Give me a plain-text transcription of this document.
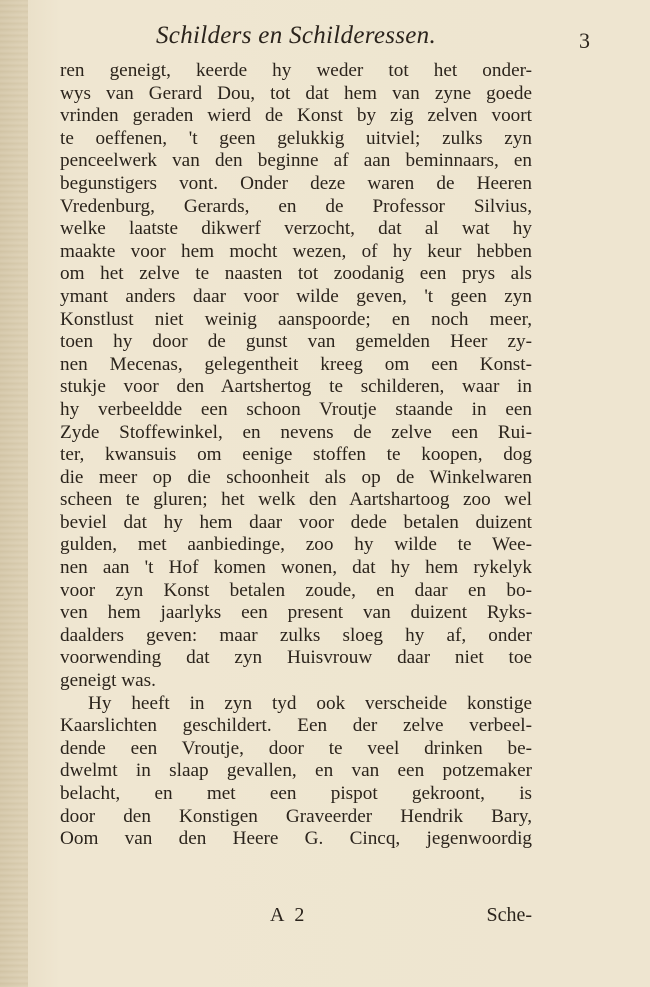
Schilders en Schilderessen.	3
ren geneigt, keerde hy weder tot het onder-
wys van Gerard Dou, tot dat hem van zyne goede
vrinden geraden wierd de Konst by zig zelven voort
te oeffenen, 't geen gelukkig uitviel; zulks zyn
penceelwerk van den beginne af aan beminnaars, en
begunstigers vont. Onder deze waren de Heeren
Vredenburg, Gerards, en de Professor Silvius,
welke laatste dikwerf verzocht, dat al wat hy
maakte voor hem mocht wezen, of hy keur hebben
om het zelve te naasten tot zoodanig een prys als
ymant anders daar voor wilde geven, 't geen zyn
Konstlust niet weinig aanspoorde; en noch meer,
toen hy door de gunst van gemelden Heer zy-
nen Mecenas, gelegentheit kreeg om een Konst-
stukje voor den Aartshertog te schilderen, waar in
hy verbeeldde een schoon Vroutje staande in een
Zyde Stoffewinkel, en nevens de zelve een Rui-
ter, kwansuis om eenige stoffen te koopen, dog
die meer op die schoonheit als op de Winkelwaren
scheen te gluren; het welk den Aartshartoog zoo wel
beviel dat hy hem daar voor dede betalen duizent
gulden, met aanbiedinge, zoo hy wilde te Wee-
nen aan 't Hof komen wonen, dat hy hem rykelyk
voor zyn Konst betalen zoude, en daar en bo-
ven hem jaarlyks een present van duizent Ryks-
daalders geven: maar zulks sloeg hy af, onder
voorwending dat zyn Huisvrouw daar niet toe
geneigt was.
Hy heeft in zyn tyd ook verscheide konstige
Kaarslichten geschildert. Een der zelve verbeel-
dende een Vroutje, door te veel drinken be-
dwelmt in slaap gevallen, en van een potzemaker
belacht, en met een pispot gekroont, is
door den Konstigen Graveerder Hendrik Bary,
Oom van den Heere G. Cincq, jegenwoordig
A 2	Sche-
